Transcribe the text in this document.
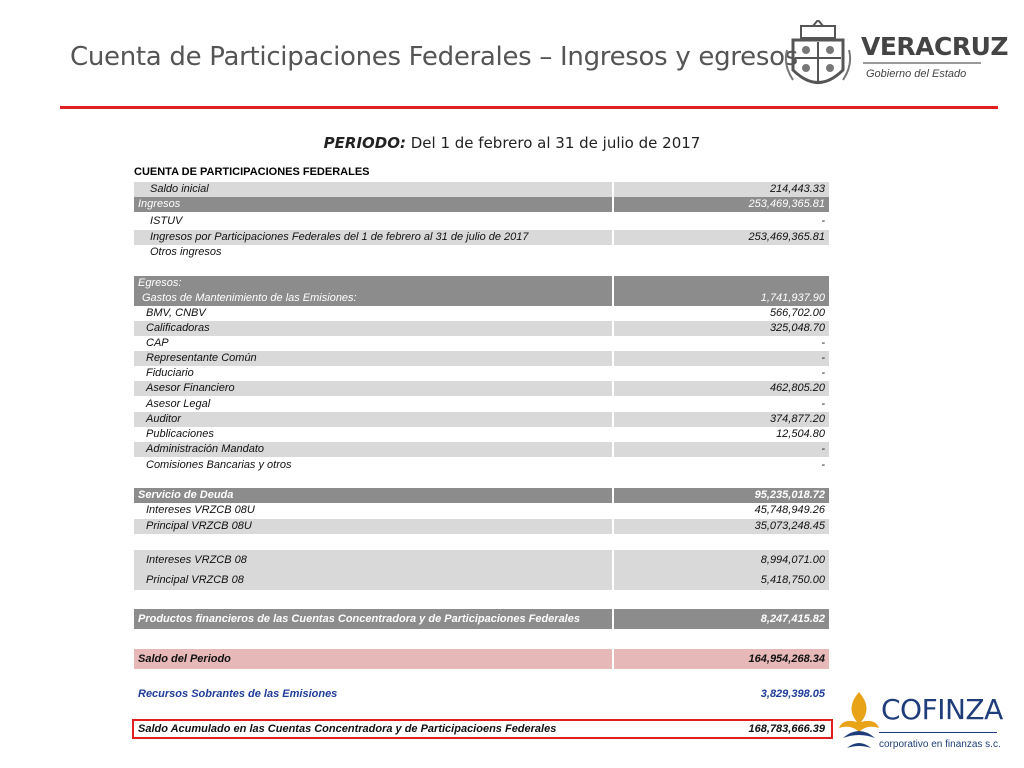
Cuenta de Participaciones Federales – Ingresos y egresos	VERACRUZ
Gobierno del Estado
PERIODO: Del 1 de febrero al 31 de julio de 2017
CUENTA DE PARTICIPACIONES FEDERALES
Saldo inicial	214,443.33
Ingresos	253,469,365.81
ISTUV	-
Ingresos por Participaciones Federales del 1 de febrero al 31 de julio de 2017	253,469,365.81
Otros ingresos
Egresos:
Gastos de Mantenimiento de las Emisiones:	1,741,937.90
BMV, CNBV	566,702.00
Calificadoras	325,048.70
CAP	-
Representante Común	-
Fiduciario	-
Asesor Financiero	462,805.20
Asesor Legal	-
Auditor	374,877.20
Publicaciones	12,504.80
Administración Mandato	-
Comisiones Bancarias y otros	-
Servicio de Deuda	95,235,018.72
Intereses VRZCB 08U	45,748,949.26
Principal VRZCB 08U	35,073,248.45
Intereses VRZCB 08	8,994,071.00
Principal VRZCB 08	5,418,750.00
Productos financieros de las Cuentas Concentradora y de Participaciones Federales	8,247,415.82
Saldo del Periodo	164,954,268.34
Recursos Sobrantes de las Emisiones	3,829,398.05
Saldo Acumulado en las Cuentas Concentradora y de Participacioens Federales	168,783,666.39
COFINZA
corporativo en finanzas s.c.
